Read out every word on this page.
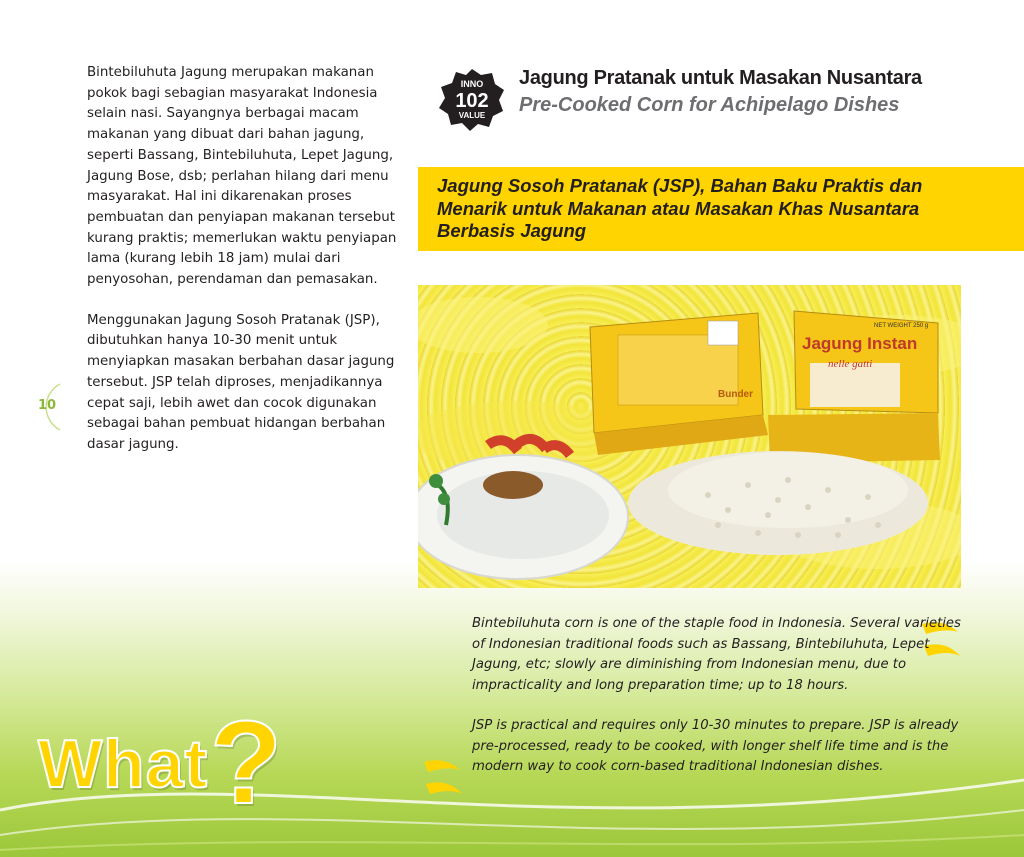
Bintebiluhuta Jagung merupakan makanan pokok bagi sebagian masyarakat Indonesia selain nasi. Sayangnya berbagai macam makanan yang dibuat dari bahan jagung, seperti Bassang, Bintebiluhuta, Lepet Jagung, Jagung Bose, dsb; perlahan hilang dari menu masyarakat. Hal ini dikarenakan proses pembuatan dan penyiapan makanan tersebut kurang praktis; memerlukan waktu penyiapan lama (kurang lebih 18 jam) mulai dari penyosohan, perendaman dan pemasakan.

Menggunakan Jagung Sosoh Pratanak (JSP), dibutuhkan hanya 10-30 menit untuk menyiapkan masakan berbahan dasar jagung tersebut. JSP telah diproses, menjadikannya cepat saji, lebih awet dan cocok digunakan sebagai bahan pembuat hidangan berbahan dasar jagung.

10
INNO
102
VALUE
Jagung Pratanak untuk Masakan Nusantara
Pre-Cooked Corn for Achipelago Dishes
Jagung Sosoh Pratanak (JSP), Bahan Baku Praktis dan Menarik untuk Makanan atau Masakan Khas Nusantara Berbasis Jagung
Bunder
Jagung Instan
nelle gatti
NET WEIGHT 250 g

Bintebiluhuta corn is one of the staple food in Indonesia. Several varieties of Indonesian traditional foods such as Bassang, Bintebiluhuta, Lepet Jagung, etc; slowly are diminishing from Indonesian menu, due to impracticality and long preparation time; up to 18 hours.

JSP is practical and requires only 10-30 minutes to prepare. JSP is already pre-processed, ready to be cooked, with longer shelf life time and is the modern way to cook corn-based traditional Indonesian dishes.

What ?
